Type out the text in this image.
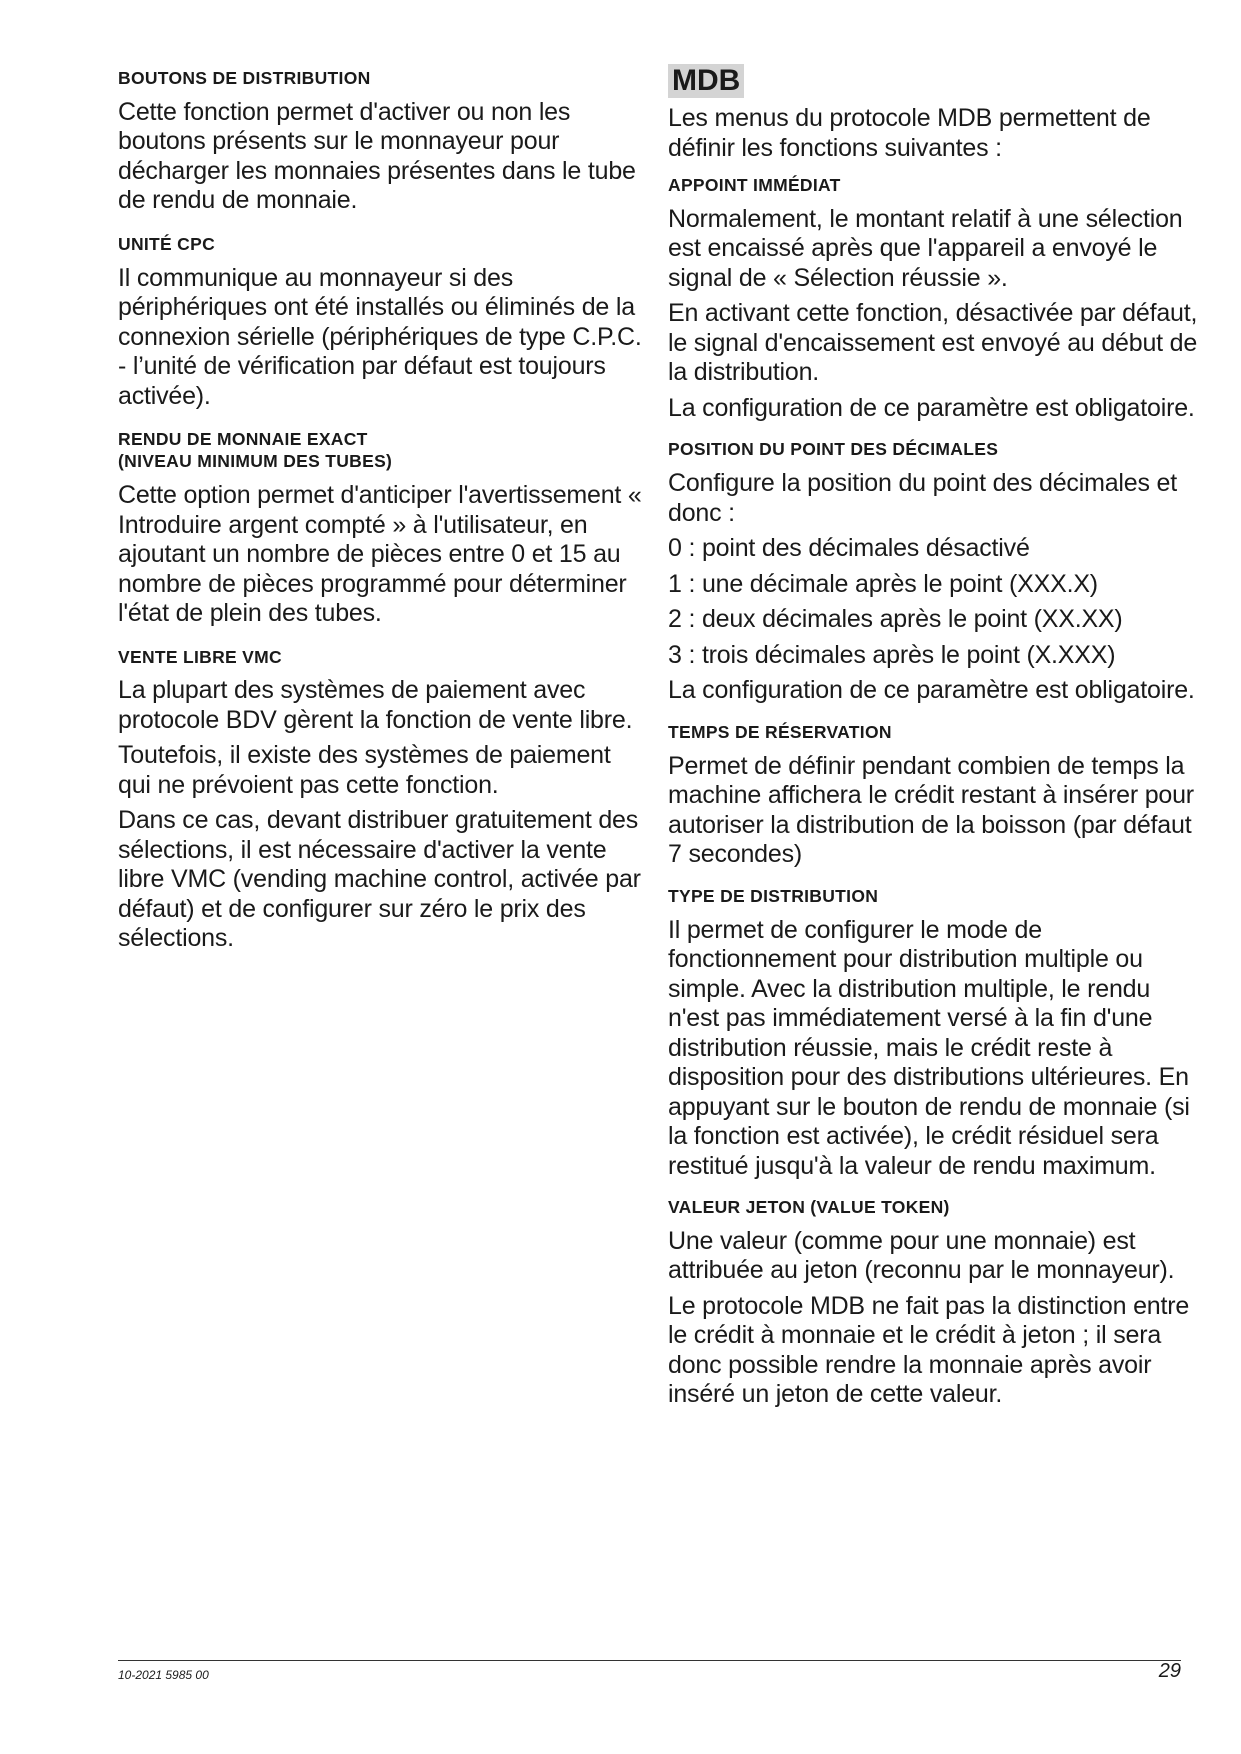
BOUTONS DE DISTRIBUTION

Cette fonction permet d'activer ou non les boutons présents sur le monnayeur pour décharger les monnaies présentes dans le tube de rendu de monnaie.

UNITÉ CPC

Il communique au monnayeur si des périphériques ont été installés ou éliminés de la connexion sérielle (périphériques de type C.P.C. - l’unité de vérification par défaut est toujours activée).

RENDU DE MONNAIE EXACT

(NIVEAU MINIMUM DES TUBES)

Cette option permet d'anticiper l'avertissement « Introduire argent compté » à l'utilisateur, en ajoutant un nombre de pièces entre 0 et 15 au nombre de pièces programmé pour déterminer l'état de plein des tubes.

VENTE LIBRE VMC

La plupart des systèmes de paiement avec protocole BDV gèrent la fonction de vente libre.

Toutefois, il existe des systèmes de paiement qui ne prévoient pas cette fonction.

Dans ce cas, devant distribuer gratuitement des sélections, il est nécessaire d'activer la vente libre VMC (vending machine control, activée par défaut) et de configurer sur zéro le prix des sélections.

MDB

Les menus du protocole MDB permettent de définir les fonctions suivantes :

APPOINT IMMÉDIAT

Normalement, le montant relatif à une sélection est encaissé après que l'appareil a envoyé le signal de « Sélection réussie ».

En activant cette fonction, désactivée par défaut, le signal d'encaissement est envoyé au début de la distribution.

La configuration de ce paramètre est obligatoire.

POSITION DU POINT DES DÉCIMALES

Configure la position du point des décimales et donc :

0 : point des décimales désactivé

1 : une décimale après le point (XXX.X)

2 : deux décimales après le point (XX.XX)

3 : trois décimales après le point (X.XXX)

La configuration de ce paramètre est obligatoire.

TEMPS DE RÉSERVATION

Permet de définir pendant combien de temps la machine affichera le crédit restant à insérer pour autoriser la distribution de la boisson (par défaut 7 secondes)

TYPE DE DISTRIBUTION

Il permet de configurer le mode de fonctionnement pour distribution multiple ou simple. Avec la distribution multiple, le rendu n'est pas immédiatement versé à la fin d'une distribution réussie, mais le crédit reste à disposition pour des distributions ultérieures. En appuyant sur le bouton de rendu de monnaie (si la fonction est activée), le crédit résiduel sera restitué jusqu'à la valeur de rendu maximum.

VALEUR JETON (VALUE TOKEN)

Une valeur (comme pour une monnaie) est attribuée au jeton (reconnu par le monnayeur).

Le protocole MDB ne fait pas la distinction entre le crédit à monnaie et le crédit à jeton ; il sera donc possible rendre la monnaie après avoir inséré un jeton de cette valeur.

10-2021 5985 00	29
